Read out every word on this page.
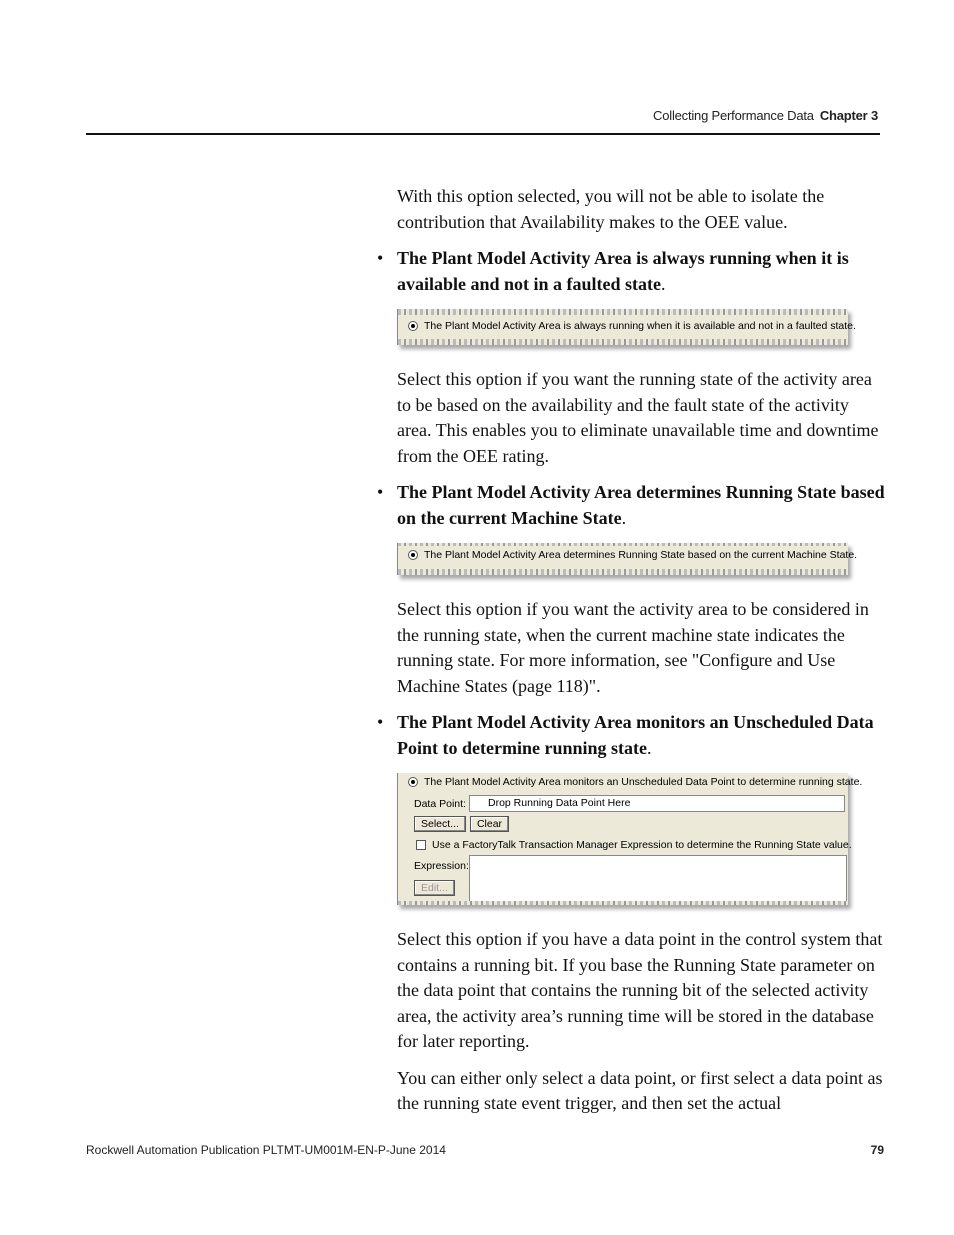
Collecting Performance Data Chapter 3

With this option selected, you will not be able to isolate the contribution that Availability makes to the OEE value.

• The Plant Model Activity Area is always running when it is available and not in a faulted state.
The Plant Model Activity Area is always running when it is available and not in a faulted state.

Select this option if you want the running state of the activity area to be based on the availability and the fault state of the activity area. This enables you to eliminate unavailable time and downtime from the OEE rating.

• The Plant Model Activity Area determines Running State based on the current Machine State.
The Plant Model Activity Area determines Running State based on the current Machine State.

Select this option if you want the activity area to be considered in the running state, when the current machine state indicates the running state. For more information, see "Configure and Use Machine States (page 118)".

• The Plant Model Activity Area monitors an Unscheduled Data Point to determine running state.
The Plant Model Activity Area monitors an Unscheduled Data Point to determine running state.
Data Point:	Drop Running Data Point Here
Select...	Clear
Use a FactoryTalk Transaction Manager Expression to determine the Running State value.
Expression:
Edit...

Select this option if you have a data point in the control system that contains a running bit. If you base the Running State parameter on the data point that contains the running bit of the selected activity area, the activity area’s running time will be stored in the database for later reporting.

You can either only select a data point, or first select a data point as the running state event trigger, and then set the actual

Rockwell Automation Publication PLTMT-UM001M-EN-P-June 2014	79
